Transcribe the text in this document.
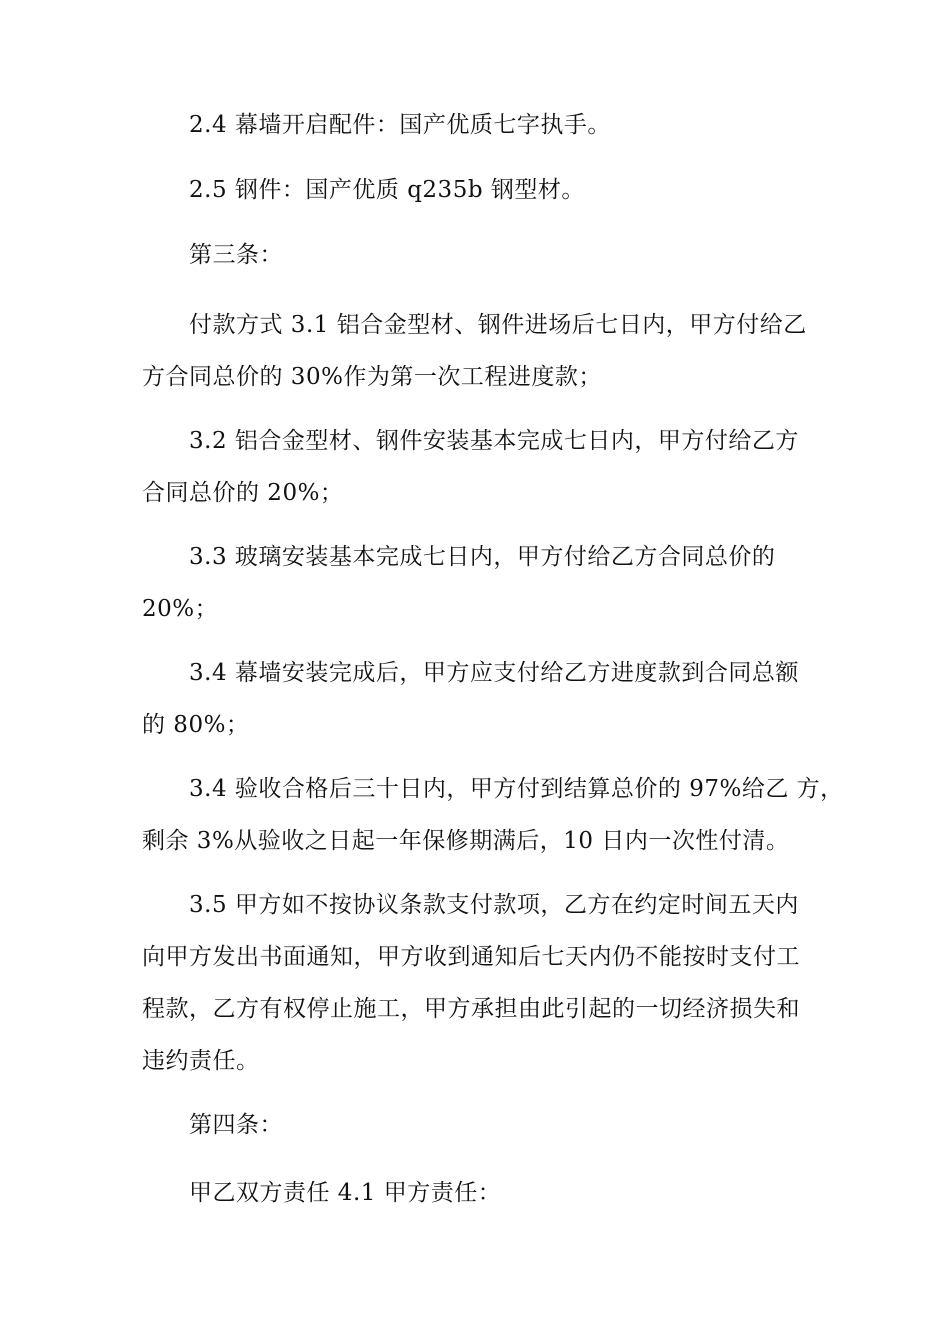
2.4 幕墙开启配件：国产优质七字执手。
2.5 钢件：国产优质 q235b 钢型材。
第三条：
付款方式 3.1 铝合金型材、钢件进场后七日内，甲方付给乙
方合同总价的 30%作为第一次工程进度款；
3.2 铝合金型材、钢件安装基本完成七日内，甲方付给乙方
合同总价的 20%；
3.3 玻璃安装基本完成七日内，甲方付给乙方合同总价的
20%；
3.4 幕墙安装完成后，甲方应支付给乙方进度款到合同总额
的 80%；
3.4 验收合格后三十日内，甲方付到结算总价的 97%给乙 方，
剩余 3%从验收之日起一年保修期满后，10 日内一次性付清。
3.5 甲方如不按协议条款支付款项，乙方在约定时间五天内
向甲方发出书面通知，甲方收到通知后七天内仍不能按时支付工
程款，乙方有权停止施工，甲方承担由此引起的一切经济损失和
违约责任。
第四条：
甲乙双方责任 4.1 甲方责任：
